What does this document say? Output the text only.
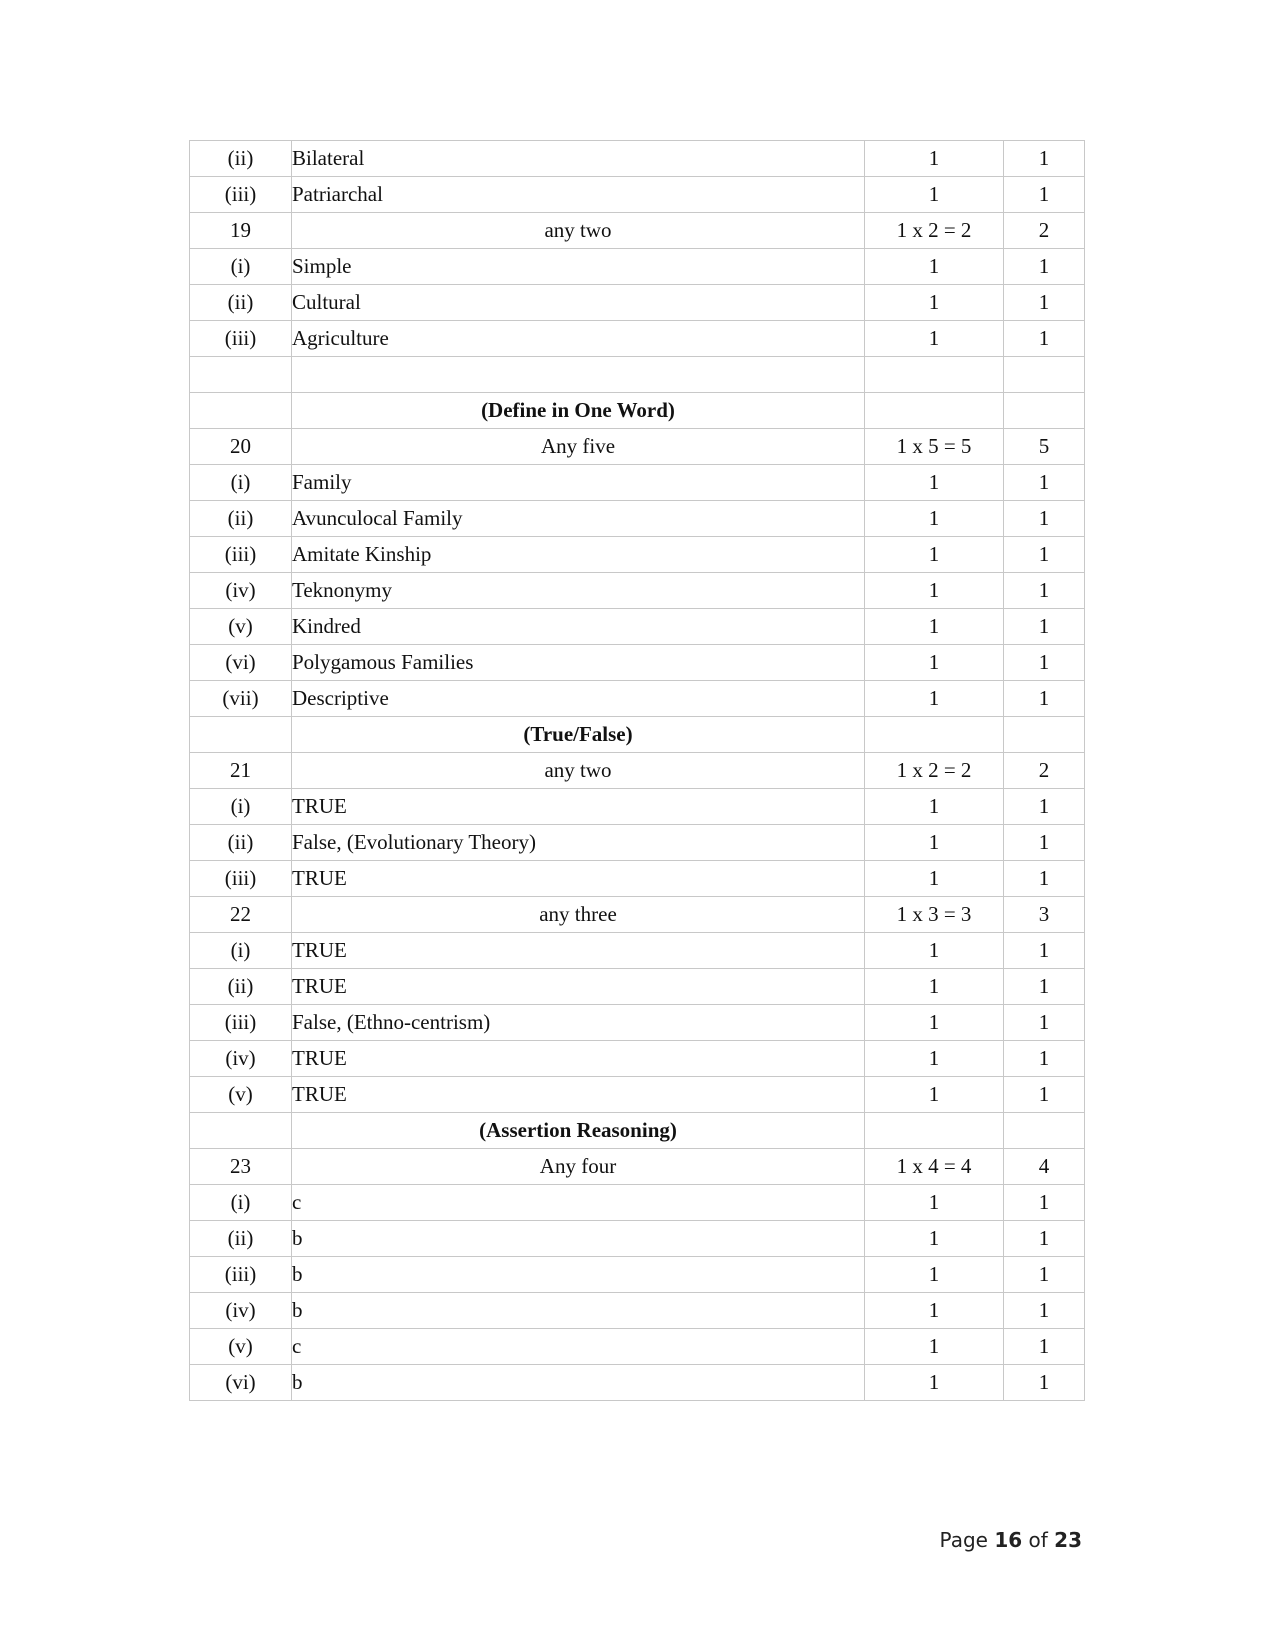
(ii)	Bilateral	1	1
(iii)	Patriarchal	1	1
19	any two	1 x 2 = 2	2
(i)	Simple	1	1
(ii)	Cultural	1	1
(iii)	Agriculture	1	1

	(Define in One Word)		
20	Any five	1 x 5 = 5	5
(i)	Family	1	1
(ii)	Avunculocal Family	1	1
(iii)	Amitate Kinship	1	1
(iv)	Teknonymy	1	1
(v)	Kindred	1	1
(vi)	Polygamous Families	1	1
(vii)	Descriptive	1	1
	(True/False)		
21	any two	1 x 2 = 2	2
(i)	TRUE	1	1
(ii)	False, (Evolutionary Theory)	1	1
(iii)	TRUE	1	1
22	any three	1 x 3 = 3	3
(i)	TRUE	1	1
(ii)	TRUE	1	1
(iii)	False, (Ethno-centrism)	1	1
(iv)	TRUE	1	1
(v)	TRUE	1	1
	(Assertion Reasoning)		
23	Any four	1 x 4 = 4	4
(i)	c	1	1
(ii)	b	1	1
(iii)	b	1	1
(iv)	b	1	1
(v)	c	1	1
(vi)	b	1	1
Page 16 of 23
